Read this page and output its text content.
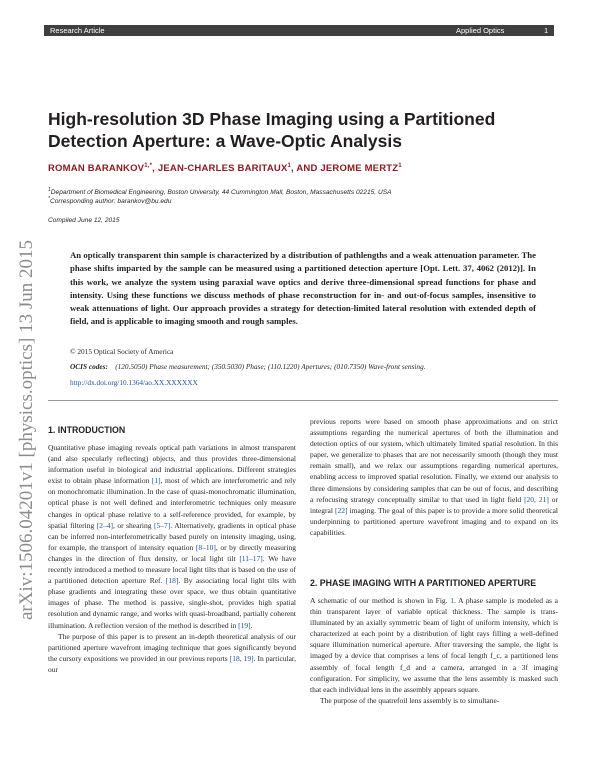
Research Article	Applied Optics	1
arXiv:1506.04201v1 [physics.optics] 13 Jun 2015
High-resolution 3D Phase Imaging using a Partitioned Detection Aperture: a Wave-Optic Analysis
ROMAN $BARANKOV^{1,*}$, JEAN-CHARLES BARITAUX$^1$, AND JEROME MERTZ$^1$
$^1$Department of Biomedical Engineering, Boston University, 44 Cummington Mall, Boston, Massachusetts 02215, USA
*Corresponding author: barankov@bu.edu
Compiled June 12, 2015

An optically transparent thin sample is characterized by a distribution of pathlengths and a weak attenuation parameter. The phase shifts imparted by the sample can be measured using a partitioned detection aperture [Opt. Lett. 37, 4062 (2012)]. In this work, we analyze the system using paraxial wave optics and derive three-dimensional spread functions for phase and intensity. Using these functions we discuss methods of phase reconstruction for in- and out-of-focus samples, insensitive to weak attenuations of light. Our approach provides a strategy for detection-limited lateral resolution with extended depth of field, and is applicable to imaging smooth and rough samples.

© 2015 Optical Society of America
OCIS codes: (120.5050) Phase measurement; (350.5030) Phase; (110.1220) Apertures; (010.7350) Wave-front sensing.
http://dx.doi.org/10.1364/ao.XX.XXXXXX
1. INTRODUCTION

Quantitative phase imaging reveals optical path variations in almost transparent (and also specularly reflecting) objects, and thus provides three-dimensional information useful in biological and industrial applications. Different strategies exist to obtain phase information [1], most of which are interferometric and rely on monochromatic illumination. In the case of quasi-monochromatic illumination, optical phase is not well defined and interferometric techniques only measure changes in optical phase relative to a self-reference provided, for example, by spatial filtering [2–4], or shearing [5–7]. Alternatively, gradients in optical phase can be inferred non-interferometrically based purely on intensity imaging, using, for example, the transport of intensity equation [8–10], or by directly measuring changes in the direction of flux density, or local light tilt [11–17]. We have recently introduced a method to measure local light tilts that is based on the use of a partitioned detection aperture Ref. [18]. By associating local light tilts with phase gradients and integrating these over space, we thus obtain quantitative images of phase. The method is passive, single-shot, provides high spatial resolution and dynamic range, and works with quasi-broadband, partially coherent illumination. A reflection version of the method is described in [19].
The purpose of this paper is to present an in-depth theoretical analysis of our partitioned aperture wavefront imaging technique that goes significantly beyond the cursory expositions we provided in our previous reports [18, 19]. In particular, our

previous reports were based on smooth phase approximations and on strict assumptions regarding the numerical apertures of both the illumination and detection optics of our system, which ultimately limited spatial resolution. In this paper, we generalize to phases that are not necessarily smooth (though they must remain small), and we relax our assumptions regarding numerical apertures, enabling access to improved spatial resolution. Finally, we extend our analysis to three dimensions by considering samples that can be out of focus, and describing a refocusing strategy conceptually similar to that used in light field [20, 21] or integral [22] imaging. The goal of this paper is to provide a more solid theoretical underpinning to partitioned aperture wavefront imaging and to expand on its capabilities.

2. PHASE IMAGING WITH A PARTITIONED APERTURE

A schematic of our method is shown in Fig. 1. A phase sample is modeled as a thin transparent layer of variable optical thickness. The sample is trans-illuminated by an axially symmetric beam of light of uniform intensity, which is characterized at each point by a distribution of light rays filling a well-defined square illumination numerical aperture. After traversing the sample, the light is imaged by a device that comprises a lens of focal length f_c, a partitioned lens assembly of focal length f_d and a camera, arranged in a 3f imaging configuration. For simplicity, we assume that the lens assembly is masked such that each individual lens in the assembly appears square.
The purpose of the quatrefoil lens assembly is to simultane-
